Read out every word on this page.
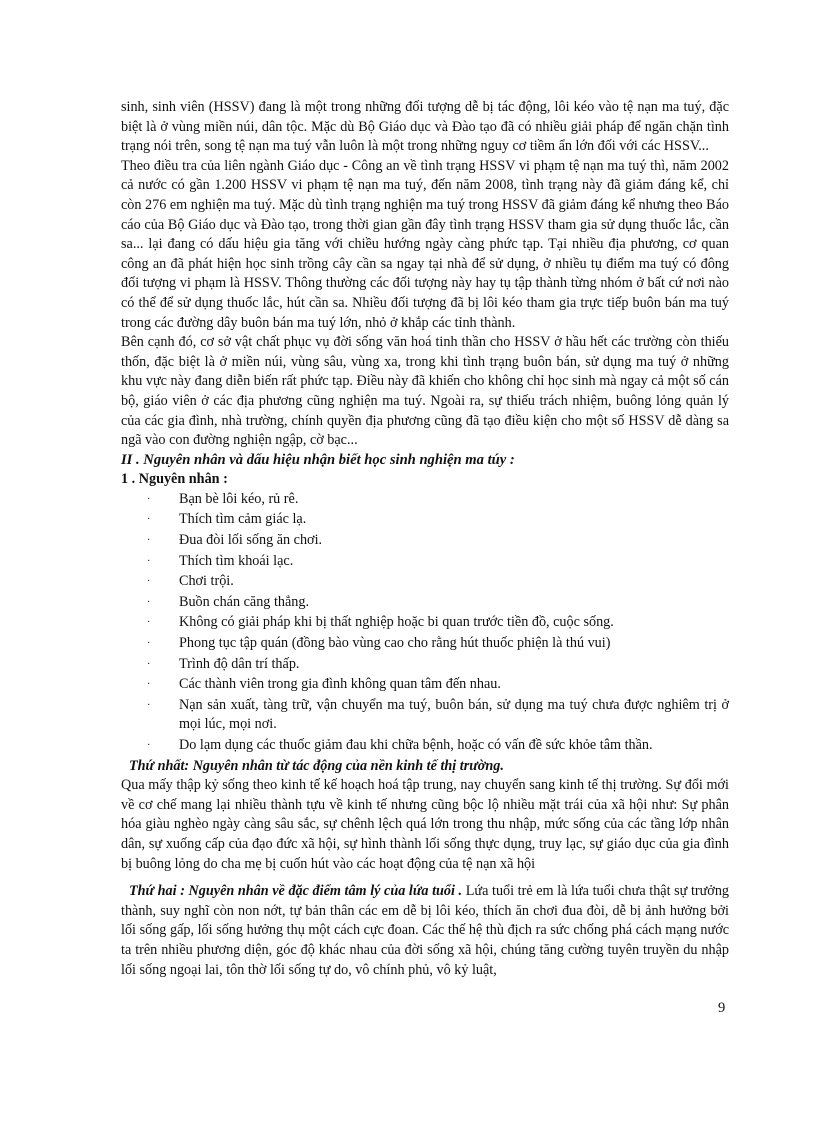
sinh, sinh viên (HSSV) đang là một trong những đối tượng dễ bị tác động, lôi kéo vào tệ nạn ma tuý, đặc biệt là ở vùng miền núi, dân tộc. Mặc dù Bộ Giáo dục và Đào tạo đã có nhiều giải pháp để ngăn chặn tình trạng nói trên, song tệ nạn ma tuý vẫn luôn là một trong những nguy cơ tiềm ẩn lớn đối với các HSSV...

Theo điều tra của liên ngành Giáo dục - Công an về tình trạng HSSV vi phạm tệ nạn ma tuý thì, năm 2002 cả nước có gần 1.200 HSSV vi phạm tệ nạn ma tuý, đến năm 2008, tình trạng này đã giảm đáng kể, chỉ còn 276 em nghiện ma tuý. Mặc dù tình trạng nghiện ma tuý trong HSSV đã giảm đáng kể nhưng theo Báo cáo của Bộ Giáo dục và Đào tạo, trong thời gian gần đây tình trạng HSSV tham gia sử dụng thuốc lắc, cần sa... lại đang có dấu hiệu gia tăng với chiều hướng ngày càng phức tạp. Tại nhiều địa phương, cơ quan công an đã phát hiện học sinh trồng cây cần sa ngay tại nhà để sử dụng, ở nhiều tụ điểm ma tuý có đông đối tượng vi phạm là HSSV. Thông thường các đối tượng này hay tụ tập thành từng nhóm ở bất cứ nơi nào có thể để sử dụng thuốc lắc, hút cần sa. Nhiều đối tượng đã bị lôi kéo tham gia trực tiếp buôn bán ma tuý trong các đường dây buôn bán ma tuý lớn, nhỏ ở khắp các tỉnh thành.

Bên cạnh đó, cơ sở vật chất phục vụ đời sống văn hoá tinh thần cho HSSV ở hầu hết các trường còn thiếu thốn, đặc biệt là ở miền núi, vùng sâu, vùng xa, trong khi tình trạng buôn bán, sử dụng ma tuý ở những khu vực này đang diễn biến rất phức tạp. Điều này đã khiến cho không chỉ học sinh mà ngay cả một số cán bộ, giáo viên ở các địa phương cũng nghiện ma tuý. Ngoài ra, sự thiếu trách nhiệm, buông lỏng quản lý của các gia đình, nhà trường, chính quyền địa phương cũng đã tạo điều kiện cho một số HSSV dễ dàng sa ngã vào con đường nghiện ngập, cờ bạc...

II . Nguyên nhân và dấu hiệu nhận biết học sinh nghiện ma túy :

1 . Nguyên nhân :

· Bạn bè lôi kéo, rủ rê.
· Thích tìm cảm giác lạ.
· Đua đòi lối sống ăn chơi.
· Thích tìm khoái lạc.
· Chơi trội.
· Buồn chán căng thẳng.
· Không có giải pháp khi bị thất nghiệp hoặc bi quan trước tiền đồ, cuộc sống.
· Phong tục tập quán (đồng bào vùng cao cho rằng hút thuốc phiện là thú vui)
· Trình độ dân trí thấp.
· Các thành viên trong gia đình không quan tâm đến nhau.
· Nạn sản xuất, tàng trữ, vận chuyển ma tuý, buôn bán, sử dụng ma tuý chưa được nghiêm trị ở mọi lúc, mọi nơi.
· Do lạm dụng các thuốc giảm đau khi chữa bệnh, hoặc có vấn đề sức khỏe tâm thần.

Thứ nhất: Nguyên nhân từ tác động của nền kinh tế thị trường.

Qua mấy thập kỷ sống theo kinh tế kế hoạch hoá tập trung, nay chuyển sang kinh tế thị trường. Sự đổi mới về cơ chế mang lại nhiều thành tựu về kinh tế nhưng cũng bộc lộ nhiều mặt trái của xã hội như: Sự phân hóa giàu nghèo ngày càng sâu sắc, sự chênh lệch quá lớn trong thu nhập, mức sống của các tầng lớp nhân dân, sự xuống cấp của đạo đức xã hội, sự hình thành lối sống thực dụng, truy lạc, sự giáo dục của gia đình bị buông lỏng do cha mẹ bị cuốn hút vào các hoạt động của tệ nạn xã hội

Thứ hai : Nguyên nhân về đặc điểm tâm lý của lứa tuổi . Lứa tuổi trẻ em là lứa tuổi chưa thật sự trưởng thành, suy nghĩ còn non nớt, tự bản thân các em dễ bị lôi kéo, thích ăn chơi đua đòi, dễ bị ảnh hưởng bởi lối sống gấp, lối sống hưởng thụ một cách cực đoan. Các thế hệ thù địch ra sức chống phá cách mạng nước ta trên nhiều phương diện, góc độ khác nhau của đời sống xã hội, chúng tăng cường tuyên truyền du nhập lối sống ngoại lai, tôn thờ lối sống tự do, vô chính phủ, vô kỷ luật,

9
